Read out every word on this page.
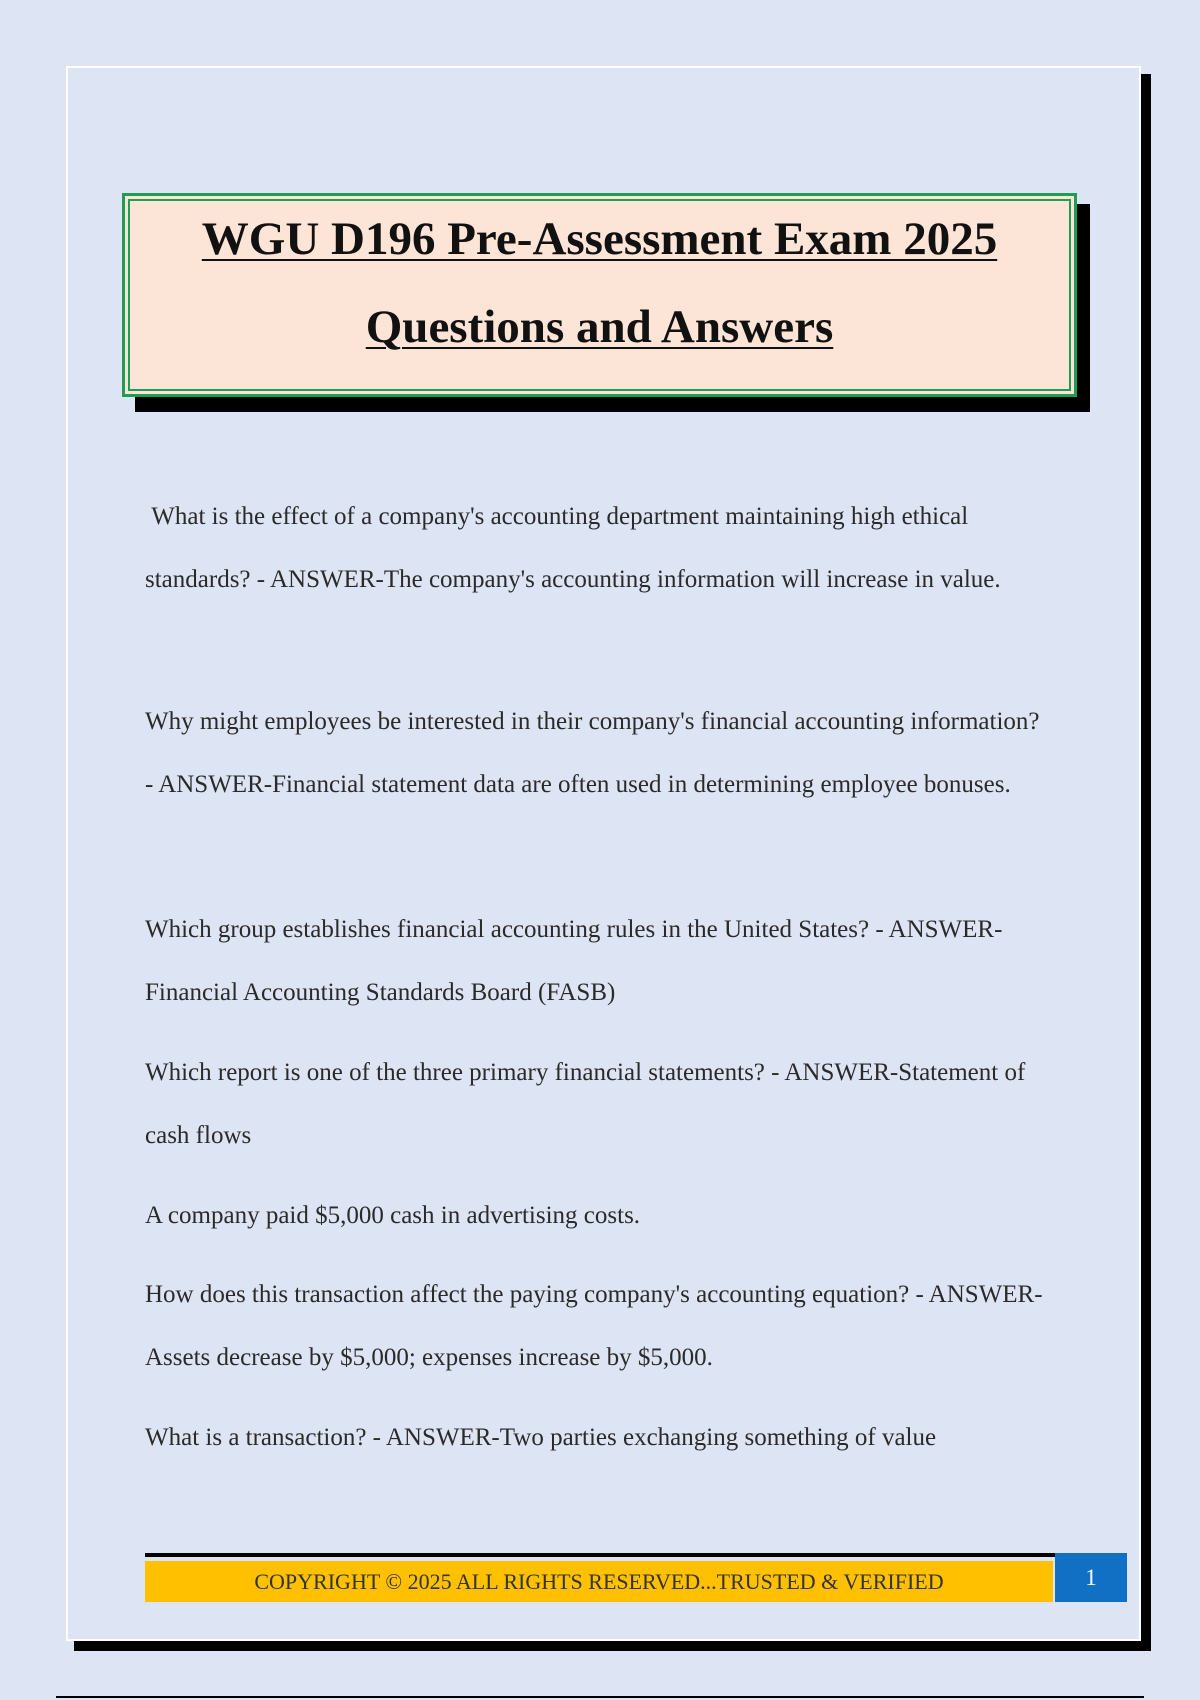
WGU D196 Pre-Assessment Exam 2025
Questions and Answers

What is the effect of a company's accounting department maintaining high ethical standards? - ANSWER-The company's accounting information will increase in value.

Why might employees be interested in their company's financial accounting information? - ANSWER-Financial statement data are often used in determining employee bonuses.

Which group establishes financial accounting rules in the United States? - ANSWER-Financial Accounting Standards Board (FASB)

Which report is one of the three primary financial statements? - ANSWER-Statement of cash flows

A company paid $5,000 cash in advertising costs.

How does this transaction affect the paying company's accounting equation? - ANSWER-Assets decrease by $5,000; expenses increase by $5,000.

What is a transaction? - ANSWER-Two parties exchanging something of value

COPYRIGHT © 2025 ALL RIGHTS RESERVED...TRUSTED & VERIFIED	1
